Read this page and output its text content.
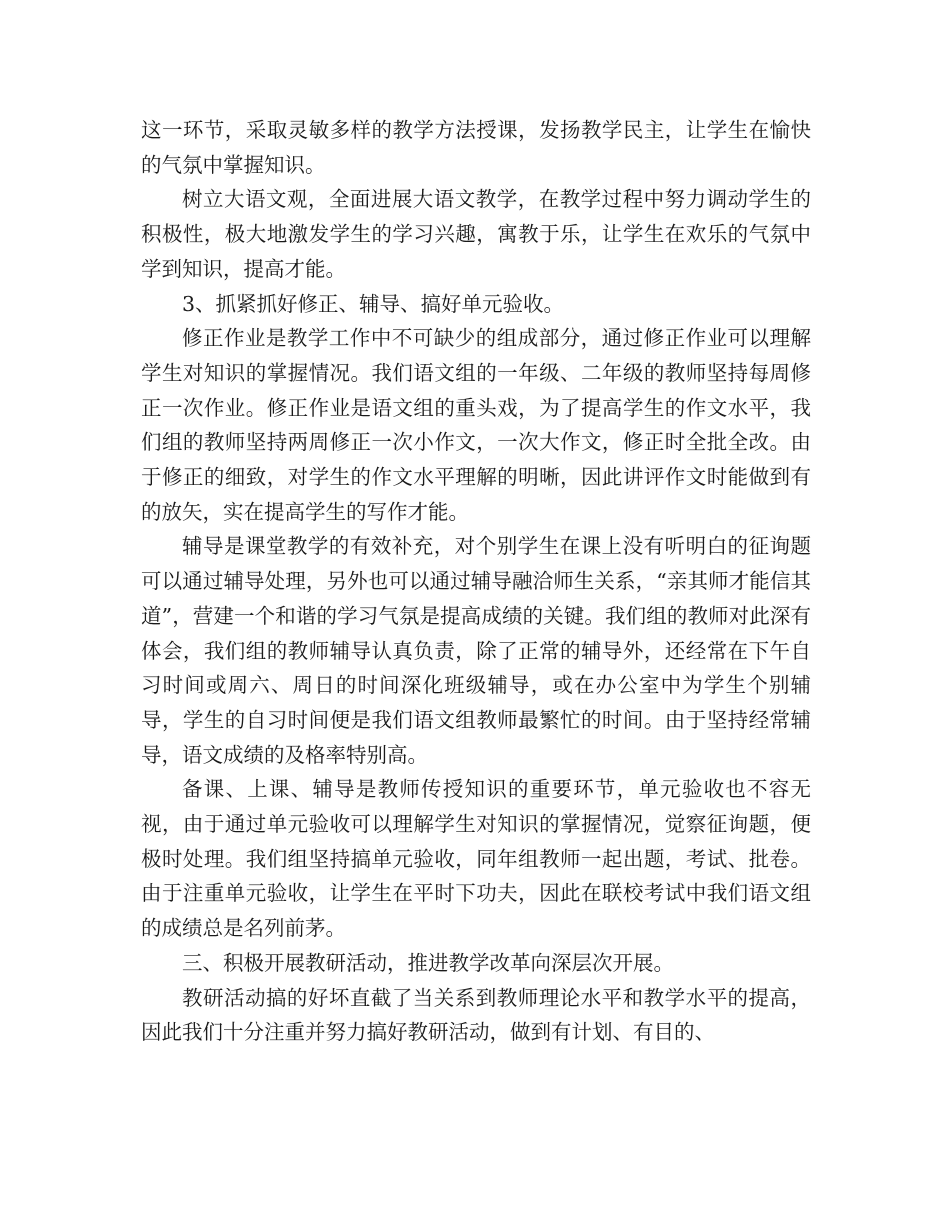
这一环节，采取灵敏多样的教学方法授课，发扬教学民主，让学生在愉快的气氛中掌握知识。

树立大语文观，全面进展大语文教学，在教学过程中努力调动学生的积极性，极大地激发学生的学习兴趣，寓教于乐，让学生在欢乐的气氛中学到知识，提高才能。

3、抓紧抓好修正、辅导、搞好单元验收。

修正作业是教学工作中不可缺少的组成部分，通过修正作业可以理解学生对知识的掌握情况。我们语文组的一年级、二年级的教师坚持每周修正一次作业。修正作业是语文组的重头戏，为了提高学生的作文水平，我们组的教师坚持两周修正一次小作文，一次大作文，修正时全批全改。由于修正的细致，对学生的作文水平理解的明晰，因此讲评作文时能做到有的放矢，实在提高学生的写作才能。

辅导是课堂教学的有效补充，对个别学生在课上没有听明白的征询题可以通过辅导处理，另外也可以通过辅导融洽师生关系，“亲其师才能信其道”，营建一个和谐的学习气氛是提高成绩的关键。我们组的教师对此深有体会，我们组的教师辅导认真负责，除了正常的辅导外，还经常在下午自习时间或周六、周日的时间深化班级辅导，或在办公室中为学生个别辅导，学生的自习时间便是我们语文组教师最繁忙的时间。由于坚持经常辅导，语文成绩的及格率特别高。

备课、上课、辅导是教师传授知识的重要环节，单元验收也不容无视，由于通过单元验收可以理解学生对知识的掌握情况，觉察征询题，便极时处理。我们组坚持搞单元验收，同年组教师一起出题，考试、批卷。由于注重单元验收，让学生在平时下功夫，因此在联校考试中我们语文组的成绩总是名列前茅。

三、积极开展教研活动，推进教学改革向深层次开展。

教研活动搞的好坏直截了当关系到教师理论水平和教学水平的提高，因此我们十分注重并努力搞好教研活动，做到有计划、有目的、
